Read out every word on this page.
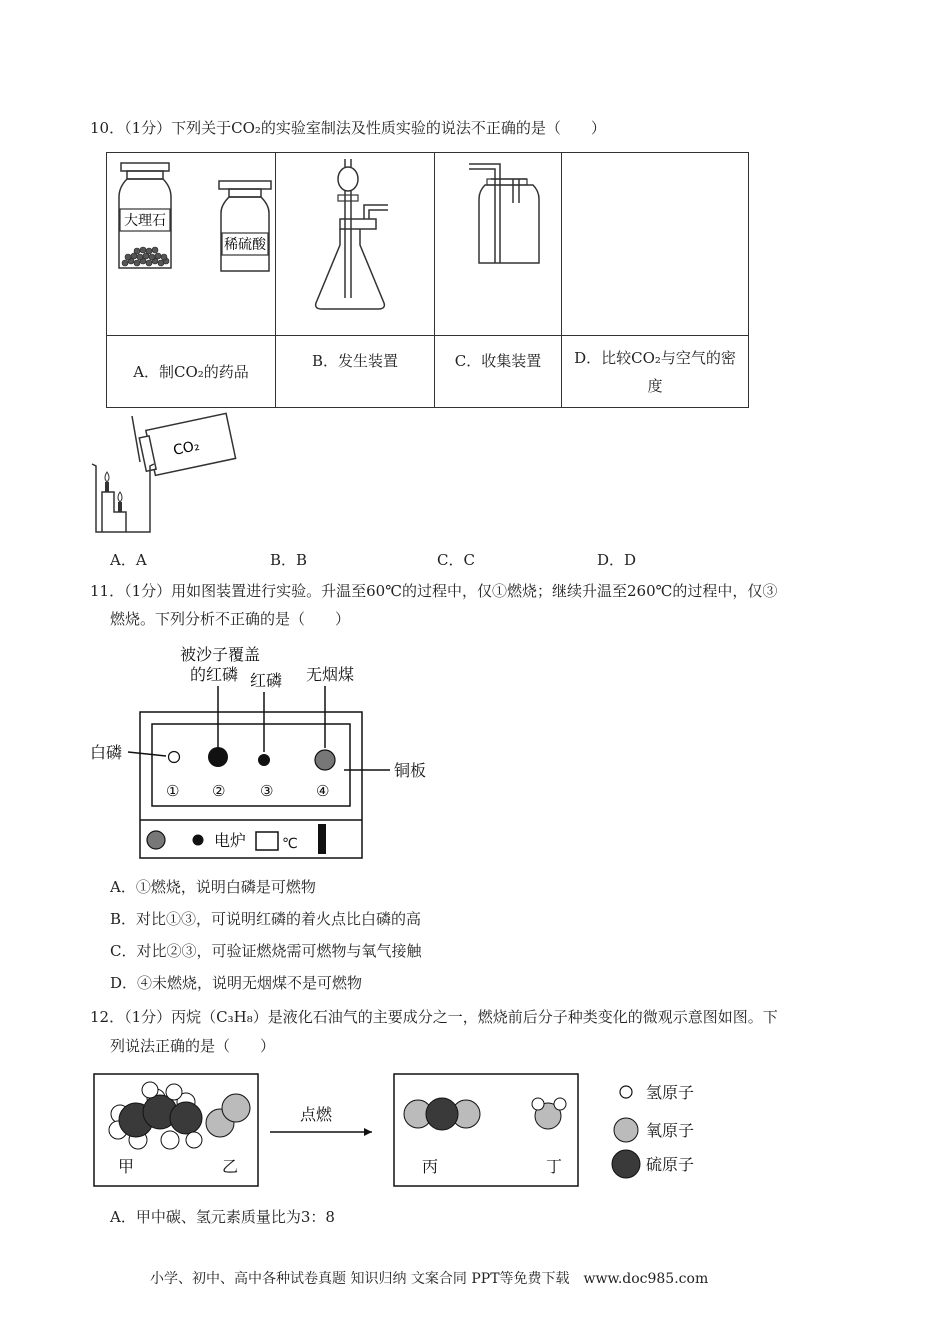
10．（1分）下列关于CO₂的实验室制法及性质实验的说法不正确的是（　　）
大理石
稀硫酸

A．制CO₂的药品	B．发生装置	C．收集装置	D．比较CO₂与空气的密
度
CO₂
A．A	B．B	C．C	D．D
11．（1分）用如图装置进行实验。升温至60℃的过程中，仅①燃烧；继续升温至260℃的过程中，仅③
燃烧。下列分析不正确的是（　　）
被沙子覆盖
的红磷 红磷 无烟煤
白磷
铜板
① ② ③	④
电炉	℃
A．①燃烧，说明白磷是可燃物
B．对比①③，可说明红磷的着火点比白磷的高
C．对比②③，可验证燃烧需可燃物与氧气接触
D．④未燃烧，说明无烟煤不是可燃物
12．（1分）丙烷（C₃H₈）是液化石油气的主要成分之一，燃烧前后分子种类变化的微观示意图如图。下
列说法正确的是（　　）
甲	乙
点燃
丙	丁
氢原子
氧原子
硫原子
A．甲中碳、氢元素质量比为3：8
小学、初中、高中各种试卷真题 知识归纳 文案合同 PPT等免费下载　www.doc985.com
